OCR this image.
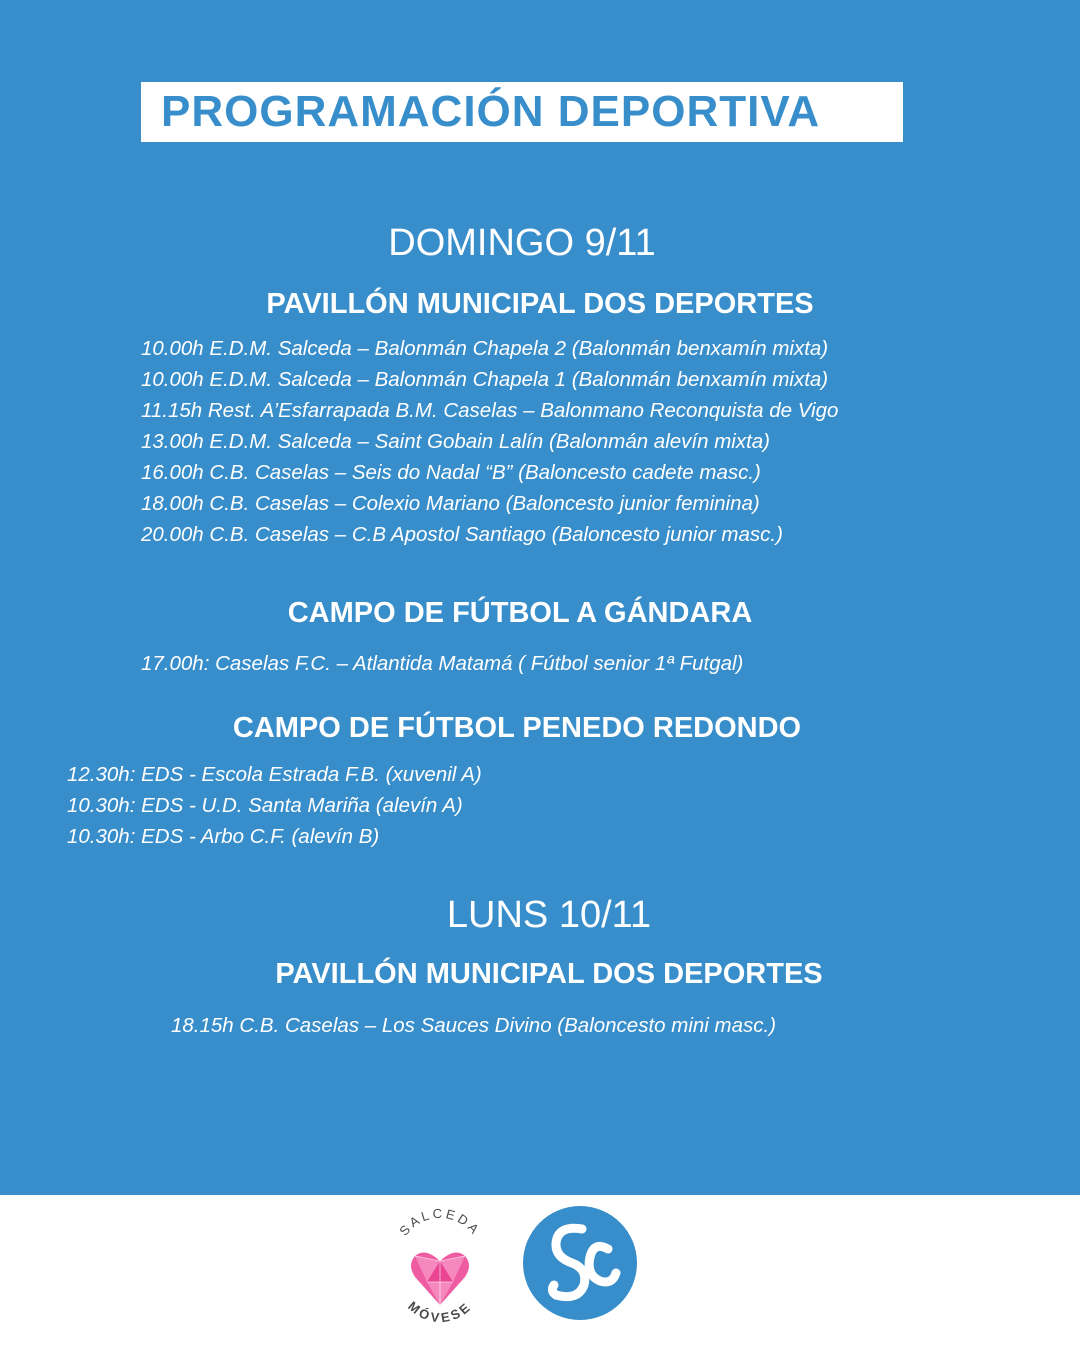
PROGRAMACIÓN DEPORTIVA
DOMINGO 9/11
PAVILLÓN MUNICIPAL DOS DEPORTES
10.00h E.D.M. Salceda – Balonmán Chapela 2 (Balonmán benxamín mixta)
10.00h E.D.M. Salceda – Balonmán Chapela 1 (Balonmán benxamín mixta)
11.15h Rest. A’Esfarrapada B.M. Caselas – Balonmano Reconquista de Vigo
13.00h E.D.M. Salceda – Saint Gobain Lalín (Balonmán alevín mixta)
16.00h C.B. Caselas – Seis do Nadal “B” (Baloncesto cadete masc.)
18.00h C.B. Caselas – Colexio Mariano (Baloncesto junior feminina)
20.00h C.B. Caselas – C.B Apostol Santiago (Baloncesto junior masc.)
CAMPO DE FÚTBOL A GÁNDARA
17.00h: Caselas F.C. – Atlantida Matamá ( Fútbol senior 1ª Futgal)
CAMPO DE FÚTBOL PENEDO REDONDO
12.30h: EDS - Escola Estrada F.B. (xuvenil A)
10.30h: EDS - U.D. Santa Mariña (alevín A)
10.30h: EDS - Arbo C.F. (alevín B)
LUNS 10/11
PAVILLÓN MUNICIPAL DOS DEPORTES
18.15h C.B. Caselas – Los Sauces Divino (Baloncesto mini masc.)
SALCEDA
MÓVESE
